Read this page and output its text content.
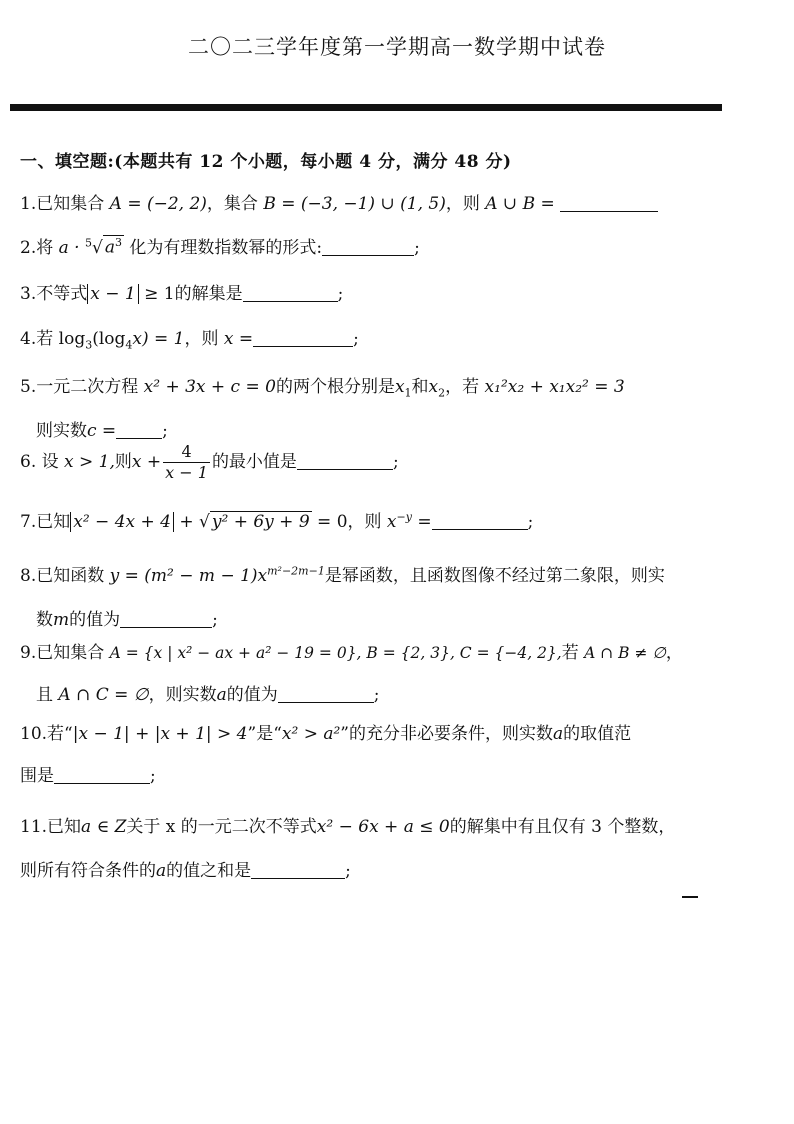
二〇二三学年度第一学期高一数学期中试卷
一、填空题:(本题共有 12 个小题，每小题 4 分，满分 48 分)
1.已知集合 A = (−2, 2)，集合 B = (−3, −1) ∪ (1, 5)，则 A ∪ B =
2.将 a · $^5$√ $a^3$ 化为有理数指数幂的形式:	;
3.不等式 x − 1 ≥ 1的解集是	;
4.若 $\log_3(\log_4x) = 1$，则 x =	;
5.一元二次方程 x² + 3x + c = 0的两个根分别是$x_1$和$x_2$，若 x₁²x₂ + x₁x₂² = 3
则实数c =	;
6. 设 x > 1,则$x + \frac{4}{x - 1}$ 的最小值是	;
7.已知 x² − 4x + 4 + √ y² + 6y + 9 = 0，则 $x^{-y}$ =	;
8.已知函数 $y = (m^2 - m - 1)x^{m^2-2m-1}$是幂函数，且函数图像不经过第二象限，则实
数m的值为	;
9.已知集合 A = {x | x² − ax + a² − 19 = 0}, B = {2, 3}, C = {−4, 2},若 A ∩ B ≠ ∅，
且 A ∩ C = ∅，则实数a的值为	;
10.若“|x − 1| + |x + 1| > 4”是“x² > a²”的充分非必要条件，则实数a的取值范
围是	;
11.已知a ∈ Z关于 x 的一元二次不等式x² − 6x + a ≤ 0的解集中有且仅有 3 个整数，
则所有符合条件的a的值之和是	;
